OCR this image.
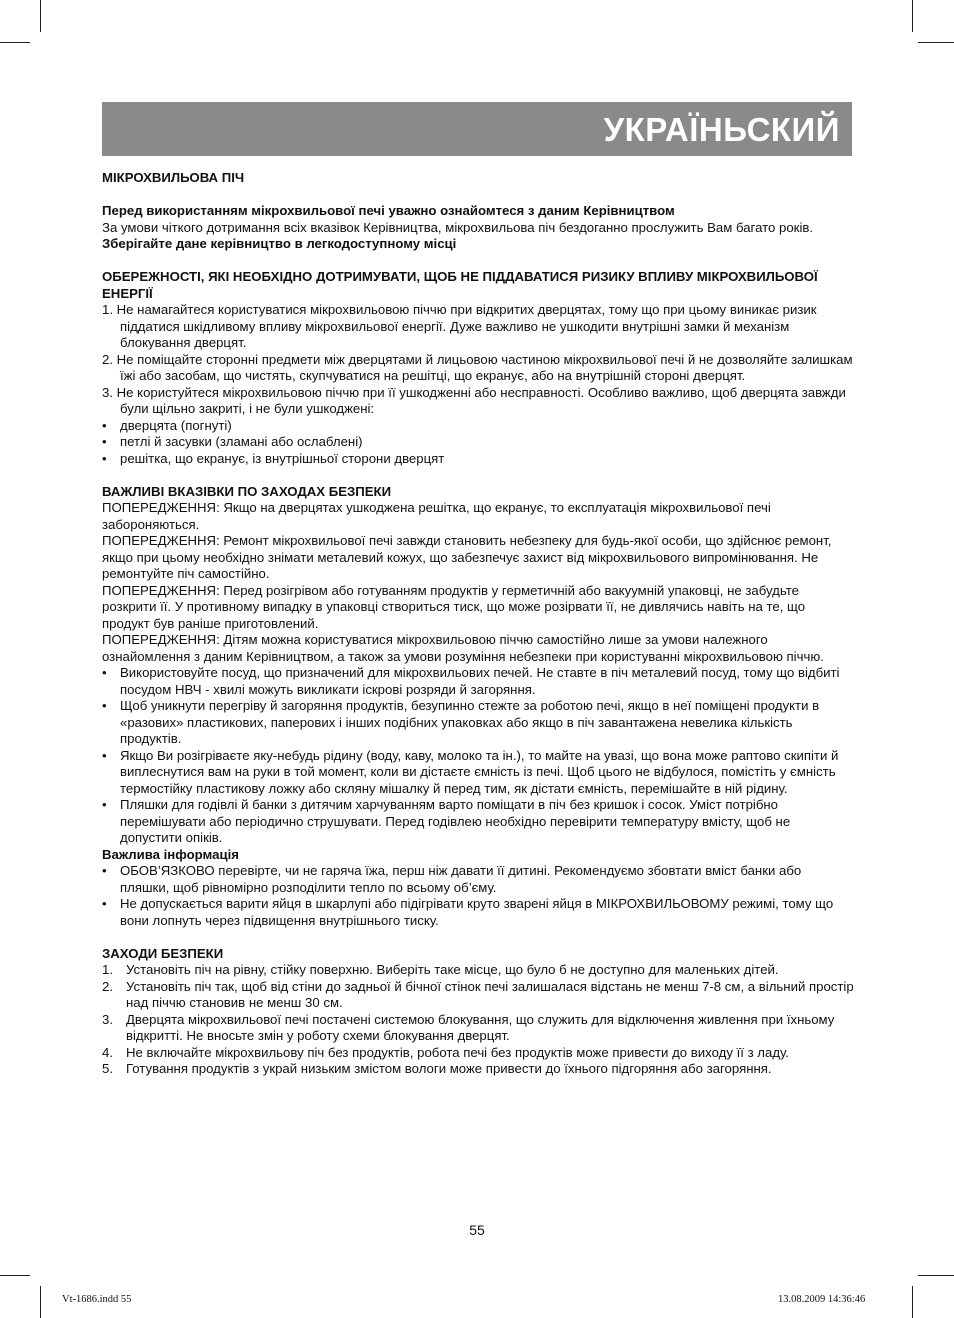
УКРАЇНЬСКИЙ

МІКРОХВИЛЬОВА ПІЧ

Перед використанням мікрохвильової печі уважно ознайомтеся з даним Керівництвом

За умови чіткого дотримання всіх вказівок Керівництва, мікрохвильова піч бездоганно прослужить Вам багато років.

Зберігайте дане керівництво в легкодоступному місці

ОБЕРЕЖНОСТІ, ЯКІ НЕОБХІДНО ДОТРИМУВАТИ, ЩОБ НЕ ПІДДАВАТИСЯ РИЗИКУ ВПЛИВУ МІКРОХВИЛЬОВОЇ ЕНЕРГІЇ

1. Не намагайтеся користуватися мікрохвильовою піччю при відкритих дверцятах, тому що при цьому виникає ризик піддатися шкідливому впливу мікрохвильової енергії. Дуже важливо не ушкодити внутрішні замки й механізм блокування дверцят.

2. Не поміщайте сторонні предмети між дверцятами й лицьовою частиною мікрохвильової печі й не дозволяйте залишкам їжі або засобам, що чистять, скупчуватися на решітці, що екранує, або на внутрішній стороні дверцят.

3. Не користуйтеся мікрохвильовою піччю при її ушкодженні або несправності. Особливо важливо, щоб дверцята завжди були щільно закриті, і не були ушкоджені:

•	дверцята (погнуті)

•	петлі й засувки (зламані або ослаблені)

•	решітка, що екранує, із внутрішньої сторони дверцят

ВАЖЛИВІ ВКАЗІВКИ ПО ЗАХОДАХ БЕЗПЕКИ

ПОПЕРЕДЖЕННЯ: Якщо на дверцятах ушкоджена решітка, що екранує, то експлуатація мікрохвильової печі забороняються.

ПОПЕРЕДЖЕННЯ: Ремонт мікрохвильової печі завжди становить небезпеку для будь-якої особи, що здійснює ремонт, якщо при цьому необхідно знімати металевий кожух, що забезпечує захист від мікрохвильового випромінювання. Не ремонтуйте піч самостійно.

ПОПЕРЕДЖЕННЯ: Перед розігрівом або готуванням продуктів у герметичній або вакуумній упаковці, не забудьте розкрити її. У противному випадку в упаковці створиться тиск, що може розірвати її, не дивлячись навіть на те, що продукт був раніше приготовлений.

ПОПЕРЕДЖЕННЯ: Дітям можна користуватися мікрохвильовою піччю самостійно лише за умови належного ознайомлення з даним Керівництвом, а також за умови розуміння небезпеки при користуванні мікрохвильовою піччю.

•	Використовуйте посуд, що призначений для мікрохвильових печей. Не ставте в піч металевий посуд, тому що відбиті посудом НВЧ - хвилі можуть викликати іскрові розряди й загоряння.

•	Щоб уникнути перегріву й загоряння продуктів, безупинно стежте за роботою печі, якщо в неї поміщені продукти в «разових» пластикових, паперових і інших подібних упаковках або якщо в піч завантажена невелика кількість продуктів.

•	Якщо Ви розігріваєте яку-небудь рідину (воду, каву, молоко та ін.), то майте на увазі, що вона може раптово скипіти й виплеснутися вам на руки в той момент, коли ви дістаєте ємність із печі. Щоб цього не відбулося, помістіть у ємність термостійку пластикову ложку або скляну мішалку й перед тим, як дістати ємність, перемішайте в ній рідину.

•	Пляшки для годівлі й банки з дитячим харчуванням варто поміщати в піч без кришок і сосок. Уміст потрібно перемішувати або періодично струшувати. Перед годівлею необхідно перевірити температуру вмісту, щоб не допустити опіків.

Важлива інформація

•	ОБОВ’ЯЗКОВО перевірте, чи не гаряча їжа, перш ніж давати її дитині. Рекомендуємо збовтати вміст банки або пляшки, щоб рівномірно розподілити тепло по всьому об’єму.

•	Не допускається варити яйця в шкарлупі або підігрівати круто зварені яйця в МІКРОХВИЛЬОВОМУ режимі, тому що вони лопнуть через підвищення внутрішнього тиску.

ЗАХОДИ БЕЗПЕКИ

1. Установіть піч на рівну, стійку поверхню. Виберіть таке місце, що було б не доступно для маленьких дітей.

2. Установіть піч так, щоб від стіни до задньої й бічної стінок печі залишалася відстань не менш 7-8 см, а вільний простір над піччю становив не менш 30 см.

3. Дверцята мікрохвильової печі постачені системою блокування, що служить для відключення живлення при їхньому відкритті. Не вносьте змін у роботу схеми блокування дверцят.

4. Не включайте мікрохвильову піч без продуктів, робота печі без продуктів може привести до виходу її з ладу.

5. Готування продуктів з украй низьким змістом вологи може привести до їхнього підгоряння або загоряння.

55
Vt-1686.indd 55	13.08.2009 14:36:46
